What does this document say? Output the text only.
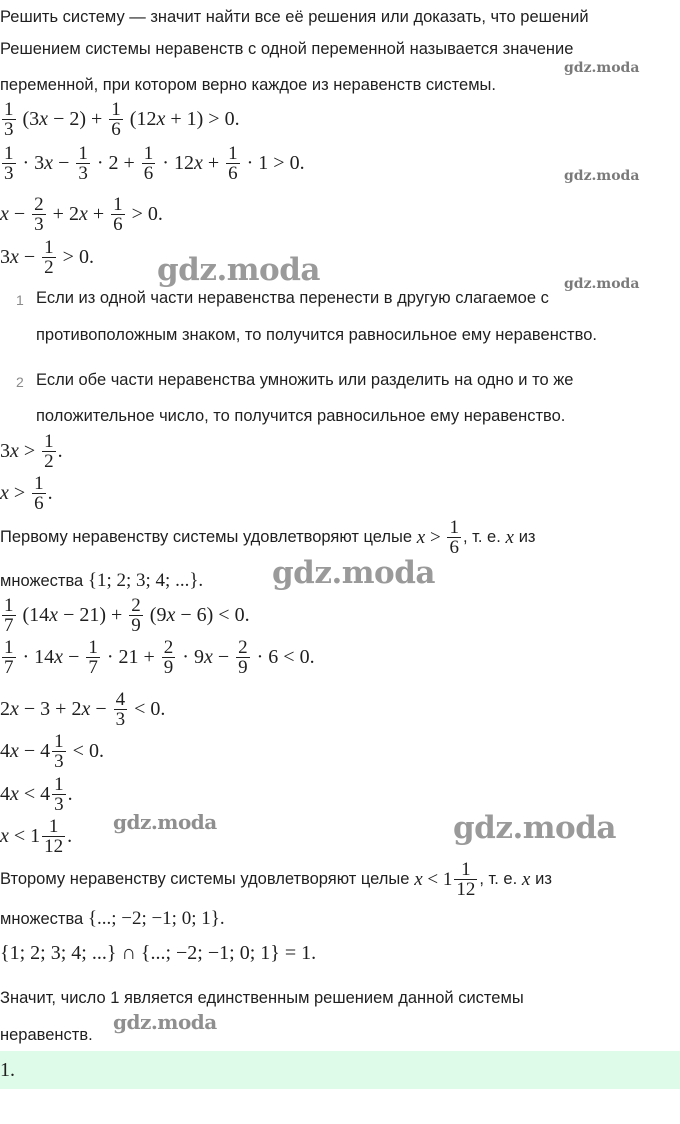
Решить систему — значит найти все её решения или доказать, что решений
Решением системы неравенств с одной переменной называется значение
переменной, при котором верно каждое из неравенств системы.
1
3 (3 x − 2) + 1
6 (12 x + 1) > 0.
1
3 · 3 x − 1
3 · 2 + 1
6 · 12 x + 1
6 · 1 > 0.
x − 2
3 + 2 x + 1
6 > 0.
3 x − 1
2 > 0.
1 Если из одной части неравенства перенести в другую слагаемое с
противоположным знаком, то получится равносильное ему неравенство.
2 Если обе части неравенства умножить или разделить на одно и то же
положительное число, то получится равносильное ему неравенство.
3 x > 1
2 .
x > 1
6 .
Первому неравенству системы удовлетворяют целые x > 1
6 , т. е. x из
множества {1; 2; 3; 4; ...}.
1
7 (14 x − 21) + 2
9 (9 x − 6) < 0.
1
7 · 14 x − 1
7 · 21 + 2
9 · 9 x − 2
9 · 6 < 0.
2 x − 3 + 2 x − 4
3 < 0.
4 x − 4 1
3 < 0.
4 x < 4 1
3 .
x < 1 1
12 .
Второму неравенству системы удовлетворяют целые x < 1 1
12 , т. е. x из
множества {...; −2; −1; 0; 1}.
{1; 2; 3; 4; ...} ∩ {...; −2; −1; 0; 1} = 1.
Значит, число 1 является единственным решением данной системы
неравенств.
1.
gdz.moda
gdz.moda
gdz.moda	gdz.moda
gdz.moda
gdz.moda	gdz.moda
gdz.moda
